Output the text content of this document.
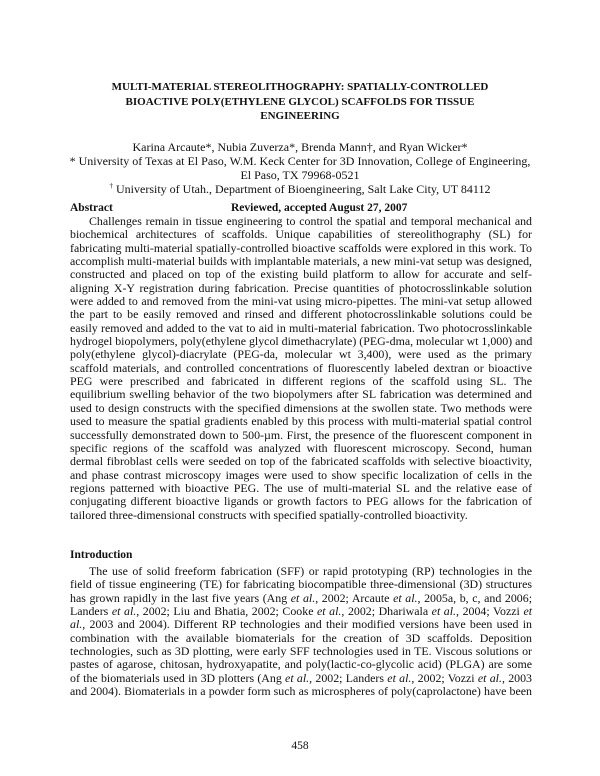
MULTI-MATERIAL STEREOLITHOGRAPHY: SPATIALLY-CONTROLLED
BIOACTIVE POLY(ETHYLENE GLYCOL) SCAFFOLDS FOR TISSUE
ENGINEERING
Karina Arcaute*, Nubia Zuverza*, Brenda Mann†, and Ryan Wicker*
* University of Texas at El Paso, W.M. Keck Center for 3D Innovation, College of Engineering,
El Paso, TX 79968-0521
† University of Utah., Department of Bioengineering, Salt Lake City, UT 84112
Abstract	Reviewed, accepted August 27, 2007
Challenges remain in tissue engineering to control the spatial and temporal mechanical and
biochemical architectures of scaffolds. Unique capabilities of stereolithography (SL) for
fabricating multi-material spatially-controlled bioactive scaffolds were explored in this work. To
accomplish multi-material builds with implantable materials, a new mini-vat setup was designed,
constructed and placed on top of the existing build platform to allow for accurate and self-
aligning X-Y registration during fabrication. Precise quantities of photocrosslinkable solution
were added to and removed from the mini-vat using micro-pipettes. The mini-vat setup allowed
the part to be easily removed and rinsed and different photocrosslinkable solutions could be
easily removed and added to the vat to aid in multi-material fabrication. Two photocrosslinkable
hydrogel biopolymers, poly(ethylene glycol dimethacrylate) (PEG-dma, molecular wt 1,000) and
poly(ethylene glycol)-diacrylate (PEG-da, molecular wt 3,400), were used as the primary
scaffold materials, and controlled concentrations of fluorescently labeled dextran or bioactive
PEG were prescribed and fabricated in different regions of the scaffold using SL. The
equilibrium swelling behavior of the two biopolymers after SL fabrication was determined and
used to design constructs with the specified dimensions at the swollen state. Two methods were
used to measure the spatial gradients enabled by this process with multi-material spatial control
successfully demonstrated down to 500-µm. First, the presence of the fluorescent component in
specific regions of the scaffold was analyzed with fluorescent microscopy. Second, human
dermal fibroblast cells were seeded on top of the fabricated scaffolds with selective bioactivity,
and phase contrast microscopy images were used to show specific localization of cells in the
regions patterned with bioactive PEG. The use of multi-material SL and the relative ease of
conjugating different bioactive ligands or growth factors to PEG allows for the fabrication of
tailored three-dimensional constructs with specified spatially-controlled bioactivity.
Introduction
The use of solid freeform fabrication (SFF) or rapid prototyping (RP) technologies in the
field of tissue engineering (TE) for fabricating biocompatible three-dimensional (3D) structures
has grown rapidly in the last five years (Ang et al., 2002; Arcaute et al., 2005a, b, c, and 2006;
Landers et al., 2002; Liu and Bhatia, 2002; Cooke et al., 2002; Dhariwala et al., 2004; Vozzi et
al., 2003 and 2004). Different RP technologies and their modified versions have been used in
combination with the available biomaterials for the creation of 3D scaffolds. Deposition
technologies, such as 3D plotting, were early SFF technologies used in TE. Viscous solutions or
pastes of agarose, chitosan, hydroxyapatite, and poly(lactic-co-glycolic acid) (PLGA) are some
of the biomaterials used in 3D plotters (Ang et al., 2002; Landers et al., 2002; Vozzi et al., 2003
and 2004). Biomaterials in a powder form such as microspheres of poly(caprolactone) have been
458
